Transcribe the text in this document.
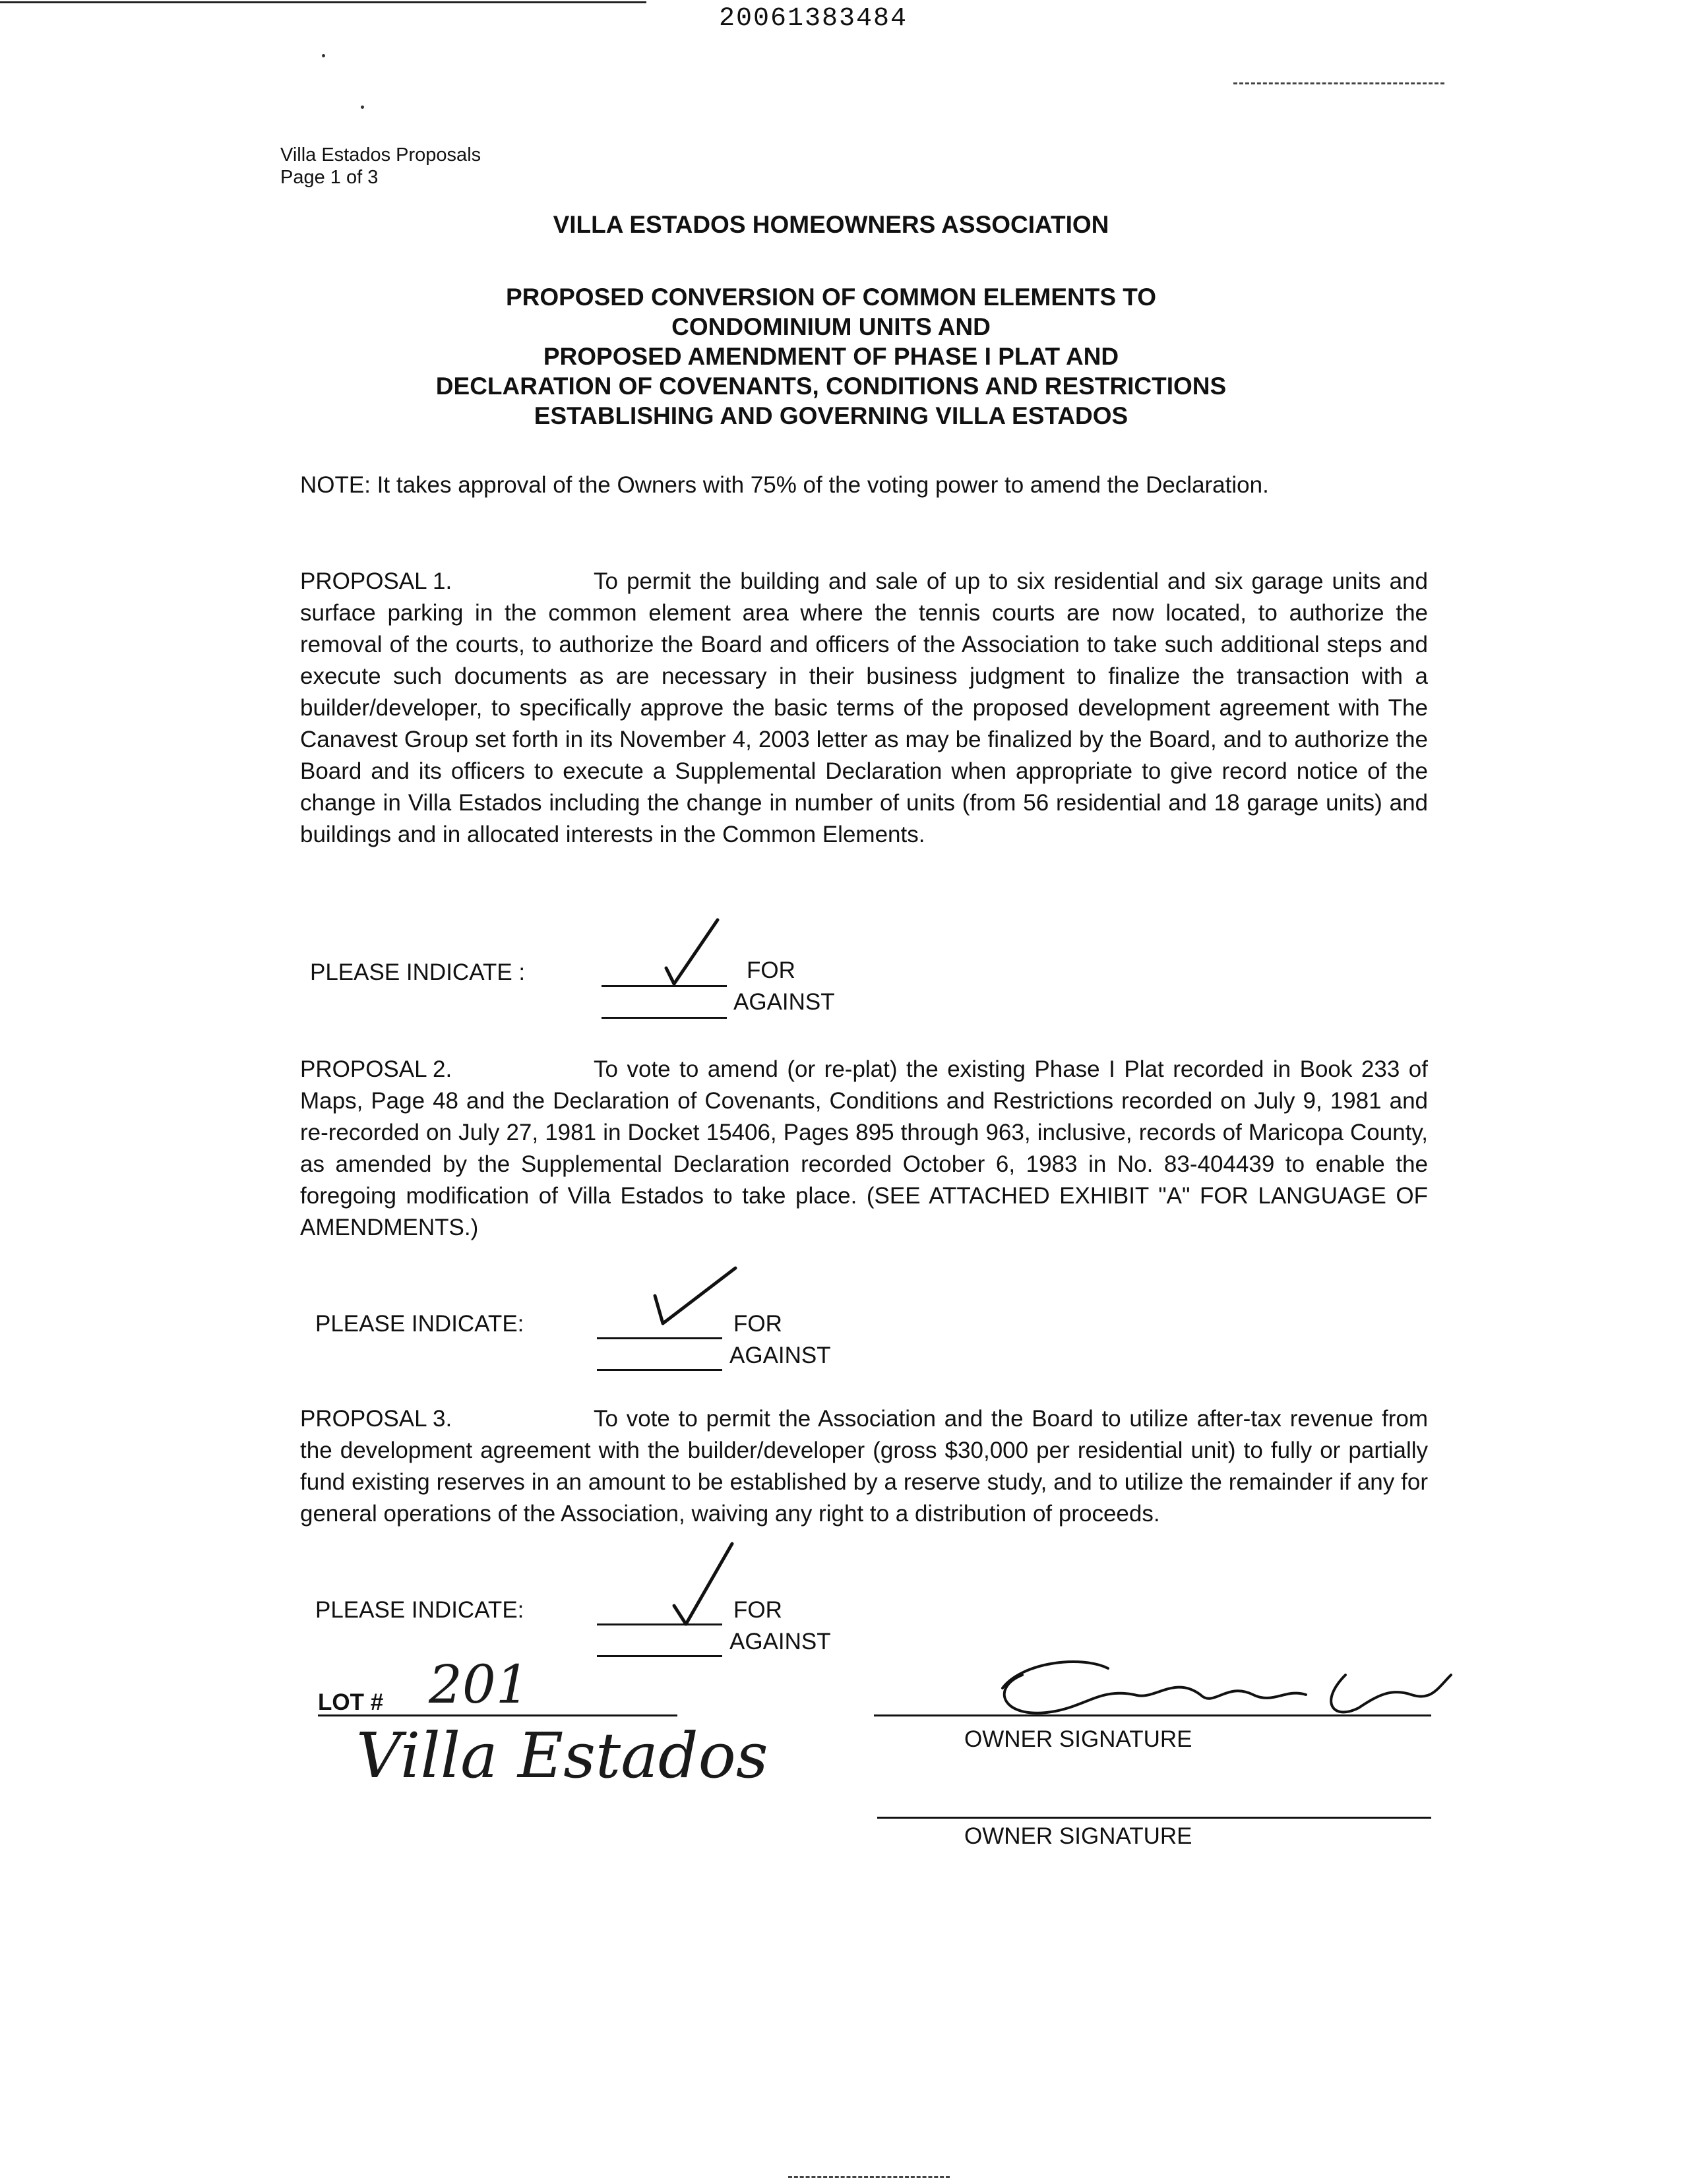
20061383484
Villa Estados Proposals
Page 1 of 3
VILLA ESTADOS HOMEOWNERS ASSOCIATION
PROPOSED CONVERSION OF COMMON ELEMENTS TO
CONDOMINIUM UNITS AND
PROPOSED AMENDMENT OF PHASE I PLAT AND
DECLARATION OF COVENANTS, CONDITIONS AND RESTRICTIONS
ESTABLISHING AND GOVERNING VILLA ESTADOS
NOTE: It takes approval of the Owners with 75% of the voting power to amend the Declaration.
PROPOSAL 1.	To permit the building and sale of up to six residential and six garage units and surface parking in the common element area where the tennis courts are now located, to authorize the removal of the courts, to authorize the Board and officers of the Association to take such additional steps and execute such documents as are necessary in their business judgment to finalize the transaction with a builder/developer, to specifically approve the basic terms of the proposed development agreement with The Canavest Group set forth in its November 4, 2003 letter as may be finalized by the Board, and to authorize the Board and its officers to execute a Supplemental Declaration when appropriate to give record notice of the change in Villa Estados including the change in number of units (from 56 residential and 18 garage units) and buildings and in allocated interests in the Common Elements.
PLEASE INDICATE :	FOR
AGAINST
PROPOSAL 2.	To vote to amend (or re-plat) the existing Phase I Plat recorded in Book 233 of Maps, Page 48 and the Declaration of Covenants, Conditions and Restrictions recorded on July 9, 1981 and re-recorded on July 27, 1981 in Docket 15406, Pages 895 through 963, inclusive, records of Maricopa County, as amended by the Supplemental Declaration recorded October 6, 1983 in No. 83-404439 to enable the foregoing modification of Villa Estados to take place. (SEE ATTACHED EXHIBIT "A" FOR LANGUAGE OF AMENDMENTS.)
PLEASE INDICATE:	FOR
AGAINST
PROPOSAL 3.	To vote to permit the Association and the Board to utilize after-tax revenue from the development agreement with the builder/developer (gross $30,000 per residential unit) to fully or partially fund existing reserves in an amount to be established by a reserve study, and to utilize the remainder if any for general operations of the Association, waiving any right to a distribution of proceeds.
PLEASE INDICATE:	FOR
AGAINST
LOT # 201
Villa Estados	OWNER SIGNATURE
OWNER SIGNATURE
